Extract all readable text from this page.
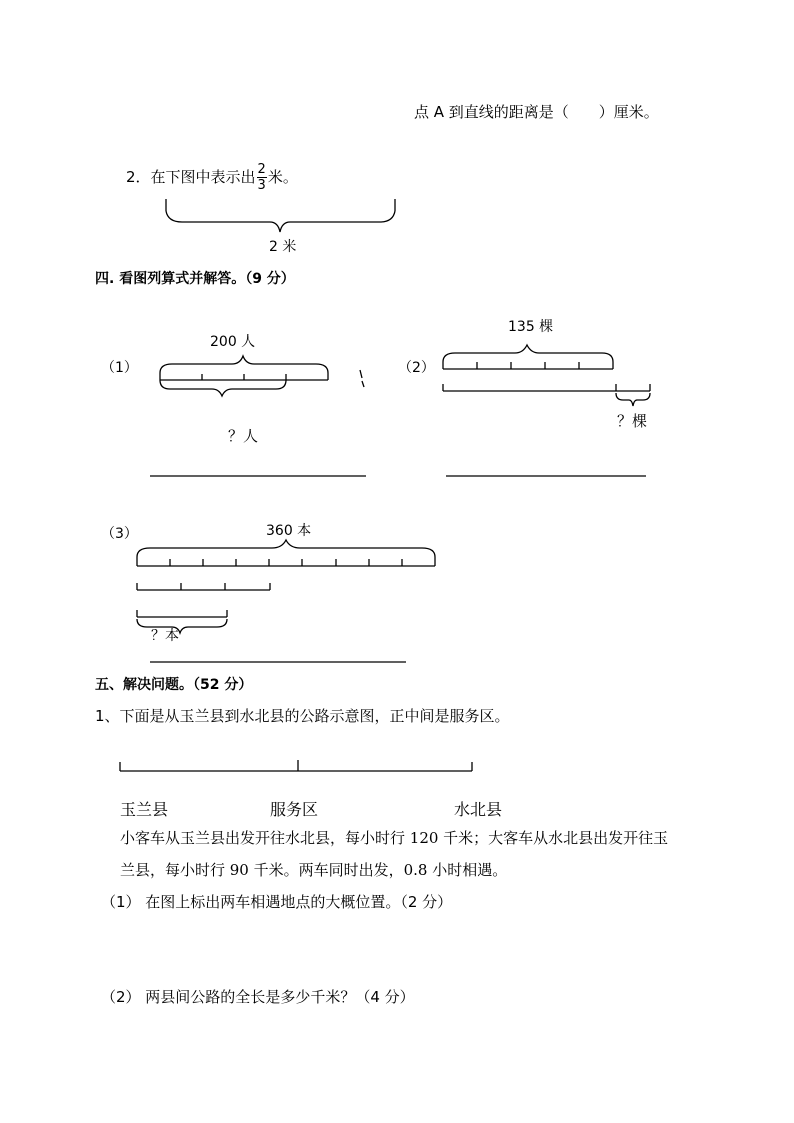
点 A 到直线的距离是（　　）厘米。
2．在下图中表示出 $\frac{2}{3}$ 米。
2 米
四. 看图列算式并解答。（9 分）
（1）
200 人
？人
（2）
135 棵
？棵
（3）	360 本
？本
五、解决问题。（52 分）
1、下面是从玉兰县到水北县的公路示意图，正中间是服务区。
玉兰县	服务区	水北县
小客车从玉兰县出发开往水北县，每小时行 120 千米；大客车从水北县出发开往玉
兰县，每小时行 90 千米。两车同时出发，0.8 小时相遇。
（1） 在图上标出两车相遇地点的大概位置。（2 分）
（2） 两县间公路的全长是多少千米？（4 分）
